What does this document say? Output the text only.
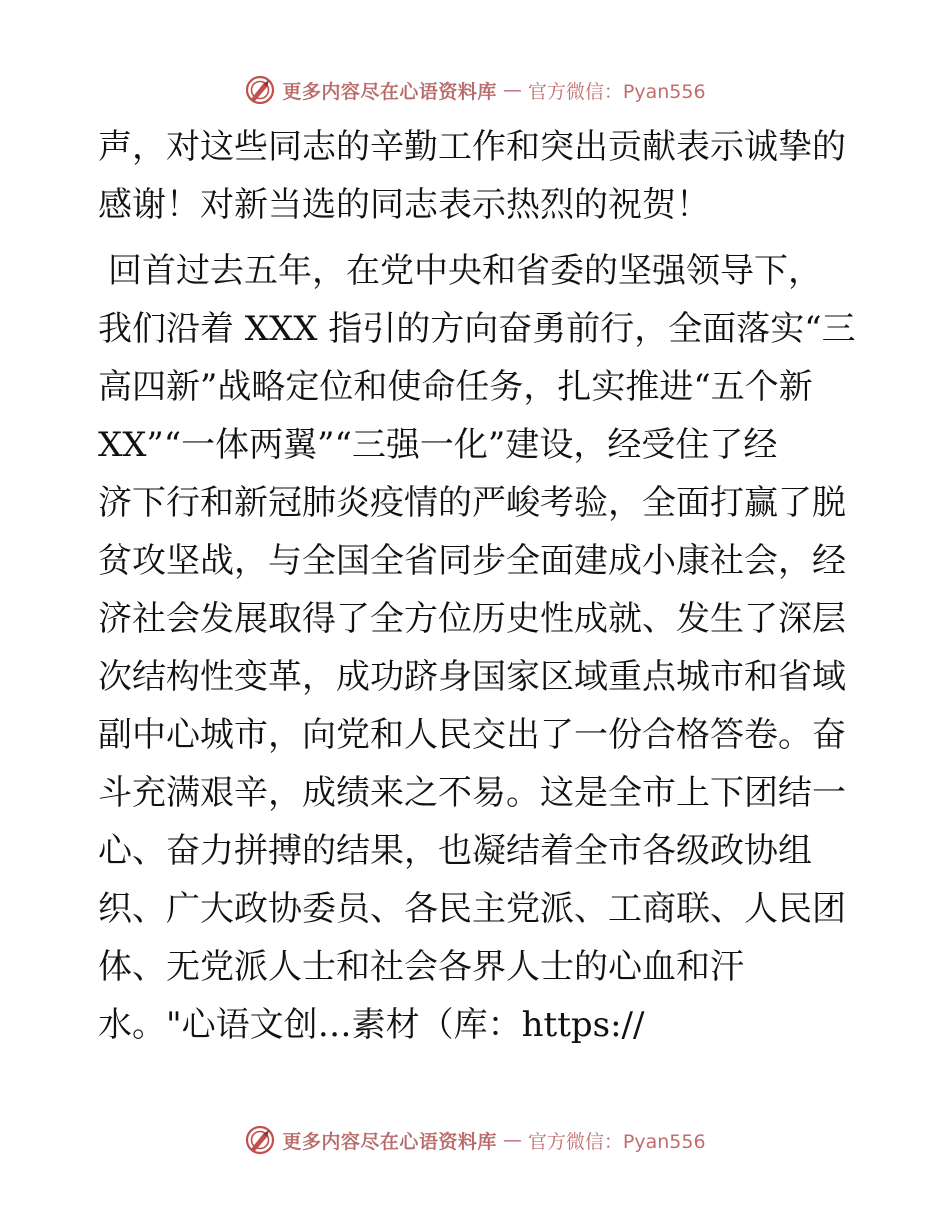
更多内容尽在心语资料库 — 官方微信：Pyan556
声，对这些同志的辛勤工作和突出贡献表示诚挚的
感谢！对新当选的同志表示热烈的祝贺！
回首过去五年，在党中央和省委的坚强领导下，
我们沿着 XXX 指引的方向奋勇前行，全面落实“三
高四新”战略定位和使命任务，扎实推进“五个新
XX”“一体两翼”“三强一化”建设，经受住了经
济下行和新冠肺炎疫情的严峻考验，全面打赢了脱
贫攻坚战，与全国全省同步全面建成小康社会，经
济社会发展取得了全方位历史性成就、发生了深层
次结构性变革，成功跻身国家区域重点城市和省域
副中心城市，向党和人民交出了一份合格答卷。奋
斗充满艰辛，成绩来之不易。这是全市上下团结一
心、奋力拼搏的结果，也凝结着全市各级政协组
织、广大政协委员、各民主党派、工商联、人民团
体、无党派人士和社会各界人士的心血和汗
水。"心语文创…素材（库：https://
更多内容尽在心语资料库 — 官方微信：Pyan556
